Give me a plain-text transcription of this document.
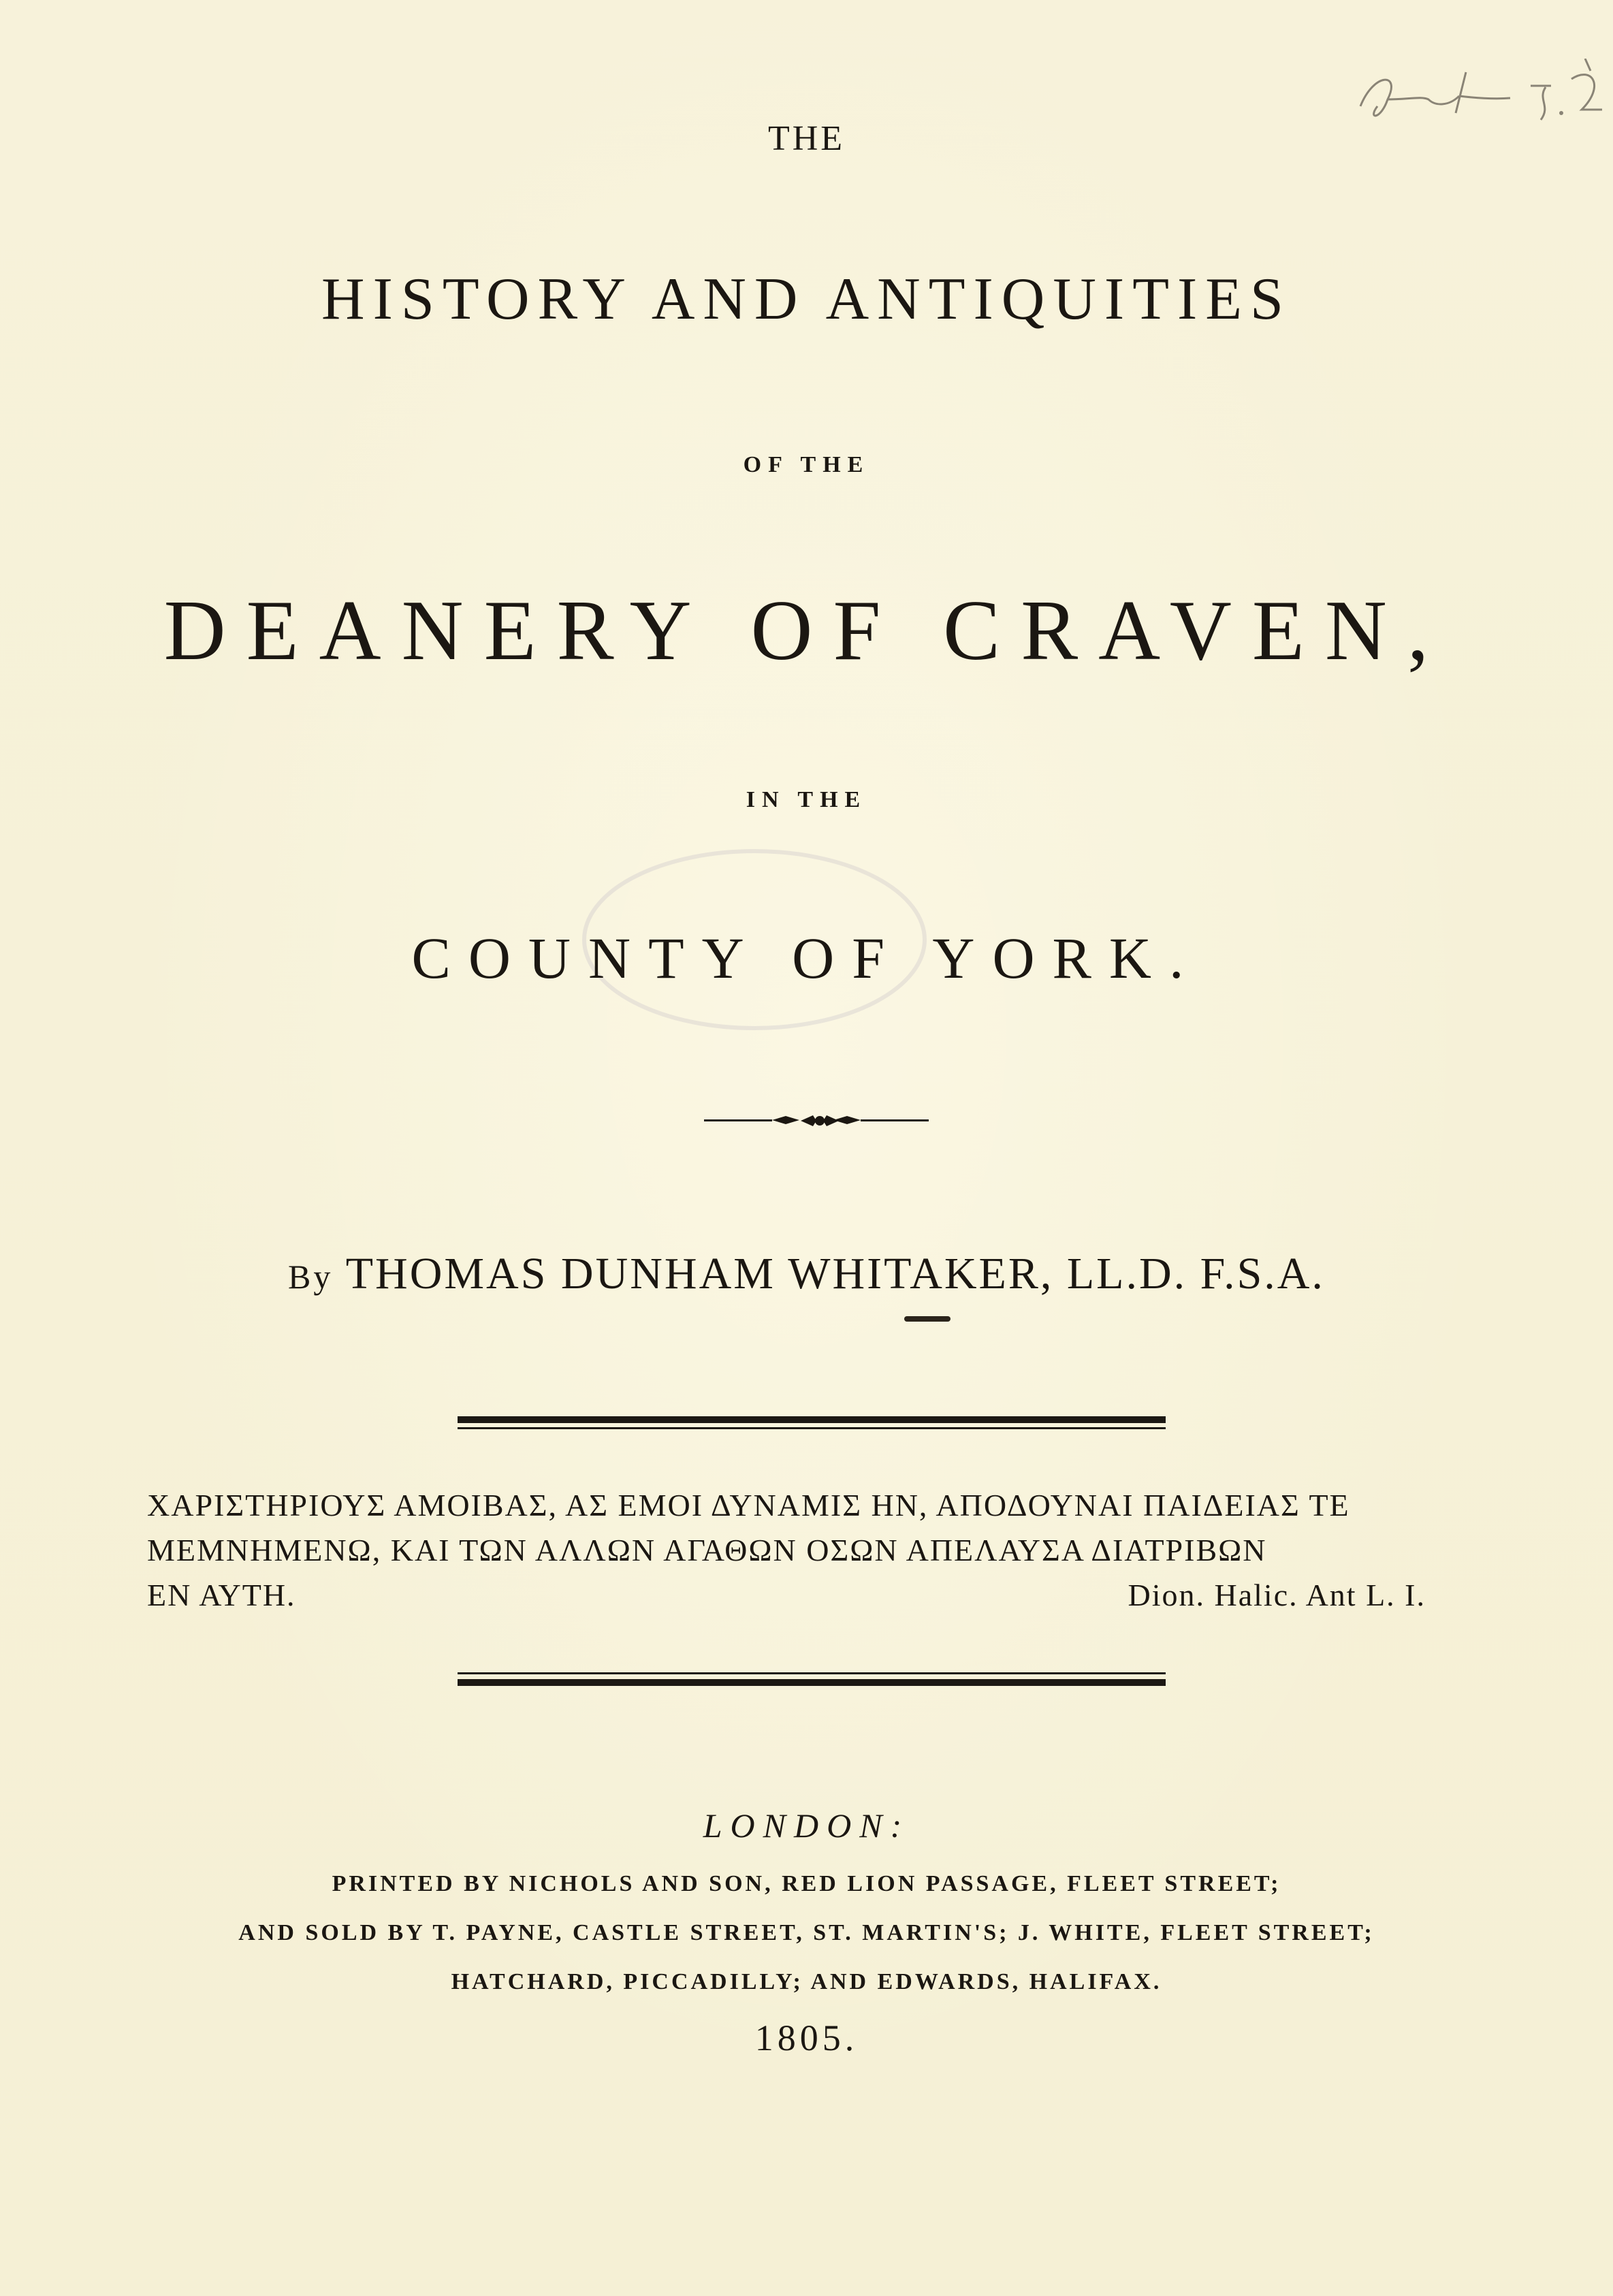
THE
HISTORY AND ANTIQUITIES
OF THE
DEANERY OF CRAVEN,
IN THE
COUNTY OF YORK.
By THOMAS DUNHAM WHITAKER, LL.D. F.S.A.
ΧΑΡΙΣΤΗΡΙΟΥΣ ΑΜΟΙΒΑΣ, ΑΣ ΕΜΟΙ ΔΥΝΑΜΙΣ ΗΝ, ΑΠΟΔΟΥΝΑΙ ΠΑΙΔΕΙΑΣ ΤΕ
ΜΕΜΝΗΜΕΝΩ, ΚΑΙ ΤΩΝ ΑΛΛΩΝ ΑΓΑΘΩΝ ΟΣΩΝ ΑΠΕΛΑΥΣΑ ΔΙΑΤΡΙΒΩΝ
ΕΝ ΑΥΤΗ.	Dion. Halic. Ant L. I.
LONDON:
PRINTED BY NICHOLS AND SON, RED LION PASSAGE, FLEET STREET;
AND SOLD BY T. PAYNE, CASTLE STREET, ST. MARTIN'S; J. WHITE, FLEET STREET;
HATCHARD, PICCADILLY; AND EDWARDS, HALIFAX.
1805.
